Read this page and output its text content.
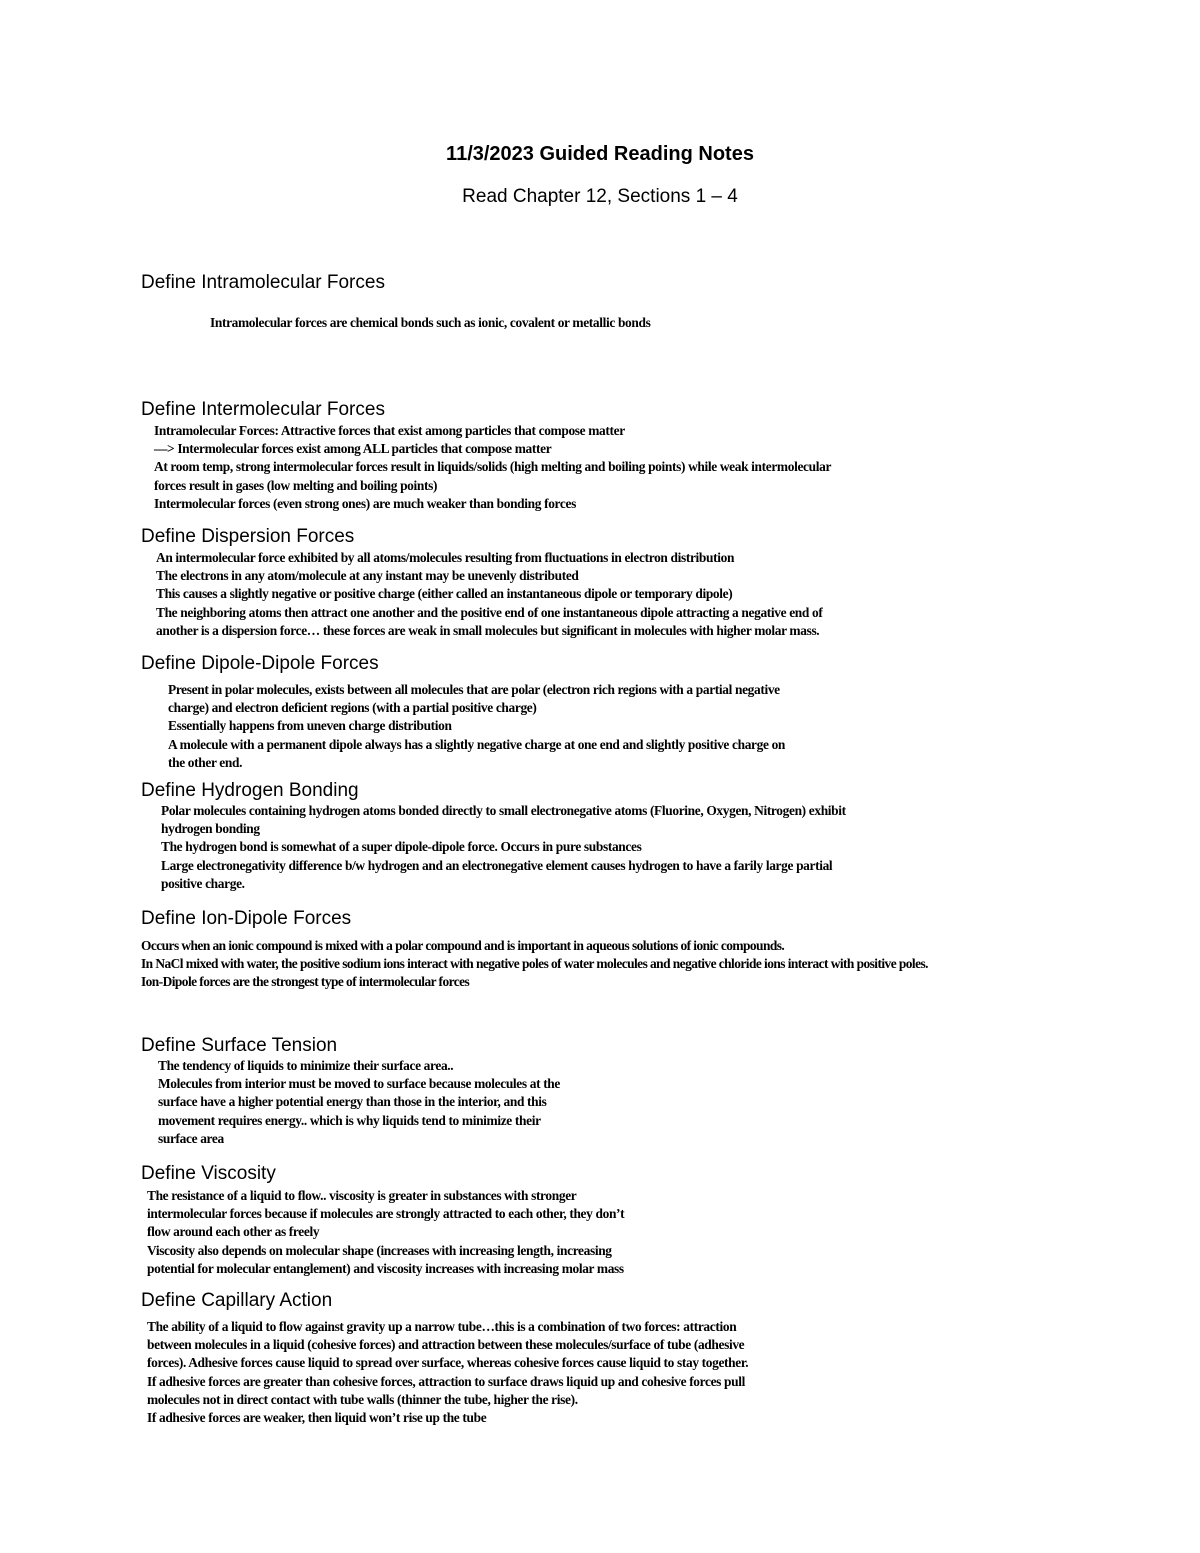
11/3/2023 Guided Reading Notes
Read Chapter 12, Sections 1 – 4
Define Intramolecular Forces
Intramolecular forces are chemical bonds such as ionic, covalent or metallic bonds
Define Intermolecular Forces
Intramolecular Forces: Attractive forces that exist among particles that compose matter
—> Intermolecular forces exist among ALL particles that compose matter
At room temp, strong intermolecular forces result in liquids/solids (high melting and boiling points) while weak intermolecular
forces result in gases (low melting and boiling points)
Intermolecular forces (even strong ones) are much weaker than bonding forces
Define Dispersion Forces
An intermolecular force exhibited by all atoms/molecules resulting from fluctuations in electron distribution
The electrons in any atom/molecule at any instant may be unevenly distributed
This causes a slightly negative or positive charge (either called an instantaneous dipole or temporary dipole)
The neighboring atoms then attract one another and the positive end of one instantaneous dipole attracting a negative end of
another is a dispersion force… these forces are weak in small molecules but significant in molecules with higher molar mass.
Define Dipole-Dipole Forces
Present in polar molecules, exists between all molecules that are polar (electron rich regions with a partial negative
charge) and electron deficient regions (with a partial positive charge)
Essentially happens from uneven charge distribution
A molecule with a permanent dipole always has a slightly negative charge at one end and slightly positive charge on
the other end.
Define Hydrogen Bonding
Polar molecules containing hydrogen atoms bonded directly to small electronegative atoms (Fluorine, Oxygen, Nitrogen) exhibit
hydrogen bonding
The hydrogen bond is somewhat of a super dipole-dipole force. Occurs in pure substances
Large electronegativity difference b/w hydrogen and an electronegative element causes hydrogen to have a farily large partial
positive charge.
Define Ion-Dipole Forces
Occurs when an ionic compound is mixed with a polar compound and is important in aqueous solutions of ionic compounds.
In NaCl mixed with water, the positive sodium ions interact with negative poles of water molecules and negative chloride ions interact with positive poles.
Ion-Dipole forces are the strongest type of intermolecular forces
Define Surface Tension
The tendency of liquids to minimize their surface area..
Molecules from interior must be moved to surface because molecules at the
surface have a higher potential energy than those in the interior, and this
movement requires energy.. which is why liquids tend to minimize their
surface area
Define Viscosity
The resistance of a liquid to flow.. viscosity is greater in substances with stronger
intermolecular forces because if molecules are strongly attracted to each other, they don’t
flow around each other as freely
Viscosity also depends on molecular shape (increases with increasing length, increasing
potential for molecular entanglement) and viscosity increases with increasing molar mass
Define Capillary Action
The ability of a liquid to flow against gravity up a narrow tube…this is a combination of two forces: attraction
between molecules in a liquid (cohesive forces) and attraction between these molecules/surface of tube (adhesive
forces). Adhesive forces cause liquid to spread over surface, whereas cohesive forces cause liquid to stay together.
If adhesive forces are greater than cohesive forces, attraction to surface draws liquid up and cohesive forces pull
molecules not in direct contact with tube walls (thinner the tube, higher the rise).
If adhesive forces are weaker, then liquid won’t rise up the tube
